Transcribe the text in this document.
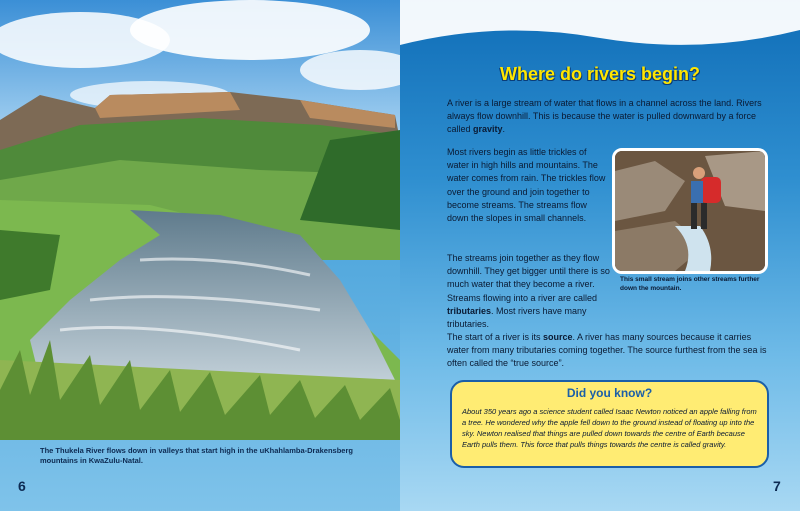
The Thukela River flows down in valleys that start high in the uKhahlamba-Drakensberg mountains in KwaZulu-Natal.
6
Where do rivers begin?

A river is a large stream of water that flows in a channel across the land. Rivers always flow downhill. This is because the water is pulled downward by a force called gravity.

Most rivers begin as little trickles of water in high hills and mountains. The water comes from rain. The trickles flow over the ground and join together to become streams. The streams flow down the slopes in small channels.

The streams join together as they flow downhill. They get bigger until there is so much water that they become a river. Streams flowing into a river are called tributaries. Most rivers have many tributaries.

The start of a river is its source. A river has many sources because it carries water from many tributaries coming together. The source furthest from the sea is often called the “true source”.

This small stream joins other streams further down the mountain.
Did you know?
About 350 years ago a science student called Isaac Newton noticed an apple falling from a tree. He wondered why the apple fell down to the ground instead of floating up into the sky. Newton realised that things are pulled down towards the centre of Earth because Earth pulls them. This force that pulls things towards the centre is called gravity.
7
